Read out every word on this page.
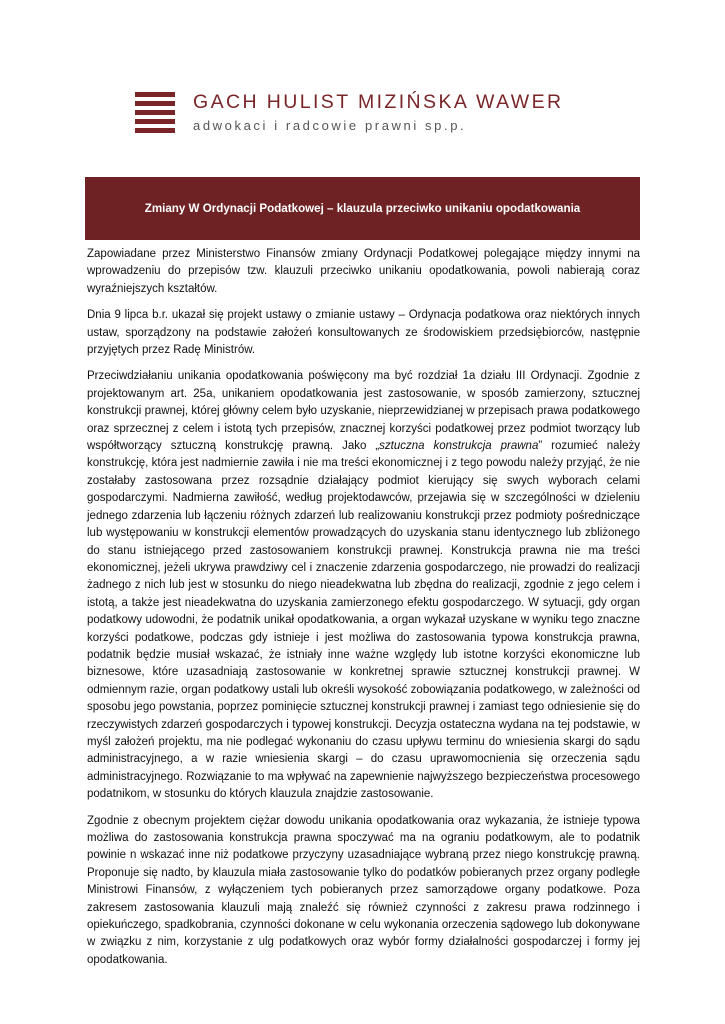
GACH HULIST MIZIŃSKA WAWER
adwokaci i radcowie prawni sp.p.
Zmiany W Ordynacji Podatkowej – klauzula przeciwko unikaniu opodatkowania

Zapowiadane przez Ministerstwo Finansów zmiany Ordynacji Podatkowej polegające między innymi na wprowadzeniu do przepisów tzw. klauzuli przeciwko unikaniu opodatkowania, powoli nabierają coraz wyraźniejszych kształtów.

Dnia 9 lipca b.r. ukazał się projekt ustawy o zmianie ustawy – Ordynacja podatkowa oraz niektórych innych ustaw, sporządzony na podstawie założeń konsultowanych ze środowiskiem przedsiębiorców, następnie przyjętych przez Radę Ministrów.

Przeciwdziałaniu unikania opodatkowania poświęcony ma być rozdział 1a działu III Ordynacji. Zgodnie z projektowanym art. 25a, unikaniem opodatkowania jest zastosowanie, w sposób zamierzony, sztucznej konstrukcji prawnej, której główny celem było uzyskanie, nieprzewidzianej w przepisach prawa podatkowego oraz sprzecznej z celem i istotą tych przepisów, znacznej korzyści podatkowej przez podmiot tworzący lub współtworzący sztuczną konstrukcję prawną. Jako „sztuczna konstrukcja prawna” rozumieć należy konstrukcję, która jest nadmiernie zawiła i nie ma treści ekonomicznej i z tego powodu należy przyjąć, że nie zostałaby zastosowana przez rozsądnie działający podmiot kierujący się swych wyborach celami gospodarczymi. Nadmierna zawiłość, według projektodawców, przejawia się w szczególności w dzieleniu jednego zdarzenia lub łączeniu różnych zdarzeń lub realizowaniu konstrukcji przez podmioty pośredniczące lub występowaniu w konstrukcji elementów prowadzących do uzyskania stanu identycznego lub zbliżonego do stanu istniejącego przed zastosowaniem konstrukcji prawnej. Konstrukcja prawna nie ma treści ekonomicznej, jeżeli ukrywa prawdziwy cel i znaczenie zdarzenia gospodarczego, nie prowadzi do realizacji żadnego z nich lub jest w stosunku do niego nieadekwatna lub zbędna do realizacji, zgodnie z jego celem i istotą, a także jest nieadekwatna do uzyskania zamierzonego efektu gospodarczego. W sytuacji, gdy organ podatkowy udowodni, że podatnik unikał opodatkowania, a organ wykazał uzyskane w wyniku tego znaczne korzyści podatkowe, podczas gdy istnieje i jest możliwa do zastosowania typowa konstrukcja prawna, podatnik będzie musiał wskazać, że istniały inne ważne względy lub istotne korzyści ekonomiczne lub biznesowe, które uzasadniają zastosowanie w konkretnej sprawie sztucznej konstrukcji prawnej. W odmiennym razie, organ podatkowy ustali lub określi wysokość zobowiązania podatkowego, w zależności od sposobu jego powstania, poprzez pominięcie sztucznej konstrukcji prawnej i zamiast tego odniesienie się do rzeczywistych zdarzeń gospodarczych i typowej konstrukcji. Decyzja ostateczna wydana na tej podstawie, w myśl założeń projektu, ma nie podlegać wykonaniu do czasu upływu terminu do wniesienia skargi do sądu administracyjnego, a w razie wniesienia skargi – do czasu uprawomocnienia się orzeczenia sądu administracyjnego. Rozwiązanie to ma wpływać na zapewnienie najwyższego bezpieczeństwa procesowego podatnikom, w stosunku do których klauzula znajdzie zastosowanie.

Zgodnie z obecnym projektem ciężar dowodu unikania opodatkowania oraz wykazania, że istnieje typowa możliwa do zastosowania konstrukcja prawna spoczywać ma na ograniu podatkowym, ale to podatnik powinie n wskazać inne niż podatkowe przyczyny uzasadniające wybraną przez niego konstrukcję prawną. Proponuje się nadto, by klauzula miała zastosowanie tylko do podatków pobieranych przez organy podległe Ministrowi Finansów, z wyłączeniem tych pobieranych przez samorządowe organy podatkowe. Poza zakresem zastosowania klauzuli mają znaleźć się również czynności z zakresu prawa rodzinnego i opiekuńczego, spadkobrania, czynności dokonane w celu wykonania orzeczenia sądowego lub dokonywane w związku z nim, korzystanie z ulg podatkowych oraz wybór formy działalności gospodarczej i formy jej opodatkowania.
